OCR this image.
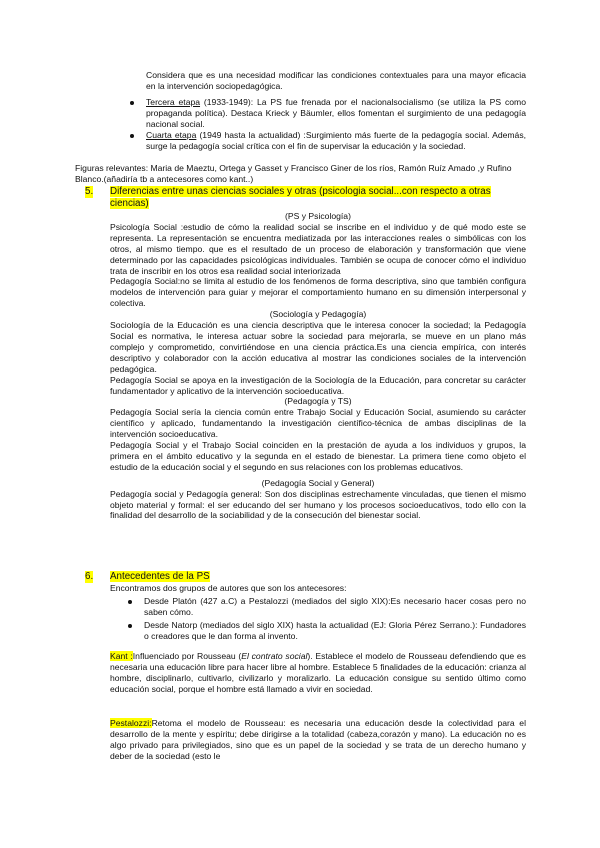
Considera que es una necesidad modificar las condiciones contextuales para una mayor eficacia en la intervención sociopedagógica.

Tercera etapa (1933-1949): La PS fue frenada por el nacionalsocialismo (se utiliza la PS como propaganda política). Destaca Krieck y Bäumler, ellos fomentan el surgimiento de una pedagogía nacional social.

Cuarta etapa (1949 hasta la actualidad) :Surgimiento más fuerte de la pedagogía social. Además, surge la pedagogía social crítica con el fin de supervisar la educación y la sociedad.

Figuras relevantes: Maria de Maeztu, Ortega y Gasset y Francisco Giner de los ríos, Ramón Ruíz Amado ,y Rufino Blanco.(añadiría tb a antecesores como kant..)

5. Diferencias entre unas ciencias sociales y otras (psicologia social...con respecto a otras ciencias)

(PS y Psicología)

Psicología Social :estudio de cómo la realidad social se inscribe en el individuo y de qué modo este se representa. La representación se encuentra mediatizada por las interacciones reales o simbólicas con los otros, al mismo tiempo. que es el resultado de un proceso de elaboración y transformación que viene determinado por las capacidades psicológicas individuales. También se ocupa de conocer cómo el individuo trata de inscribir en los otros esa realidad social interiorizada

Pedagogía Social:no se limita al estudio de los fenómenos de forma descriptiva, sino que también configura modelos de intervención para guiar y mejorar el comportamiento humano en su dimensión interpersonal y colectiva.

(Sociología y Pedagogía)

Sociología de la Educación es una ciencia descriptiva que le interesa conocer la sociedad; la Pedagogía Social es normativa, le interesa actuar sobre la sociedad para mejorarla, se mueve en un plano más complejo y comprometido, convirtiéndose en una ciencia práctica.Es una ciencia empírica, con interés descriptivo y colaborador con la acción educativa al mostrar las condiciones sociales de la intervención pedagógica.

Pedagogía Social se apoya en la investigación de la Sociología de la Educación, para concretar su carácter fundamentador y aplicativo de la intervención socioeducativa.

(Pedagogía y TS)

Pedagogía Social sería la ciencia común entre Trabajo Social y Educación Social, asumiendo su carácter científico y aplicado, fundamentando la investigación científico-técnica de ambas disciplinas de la intervención socioeducativa.

Pedagogía Social y el Trabajo Social coinciden en la prestación de ayuda a los individuos y grupos, la primera en el ámbito educativo y la segunda en el estado de bienestar. La primera tiene como objeto el estudio de la educación social y el segundo en sus relaciones con los problemas educativos.

(Pedagogía Social y General)

Pedagogía social y Pedagogía general: Son dos disciplinas estrechamente vinculadas, que tienen el mismo objeto material y formal: el ser educando del ser humano y los procesos socioeducativos, todo ello con la finalidad del desarrollo de la sociabilidad y de la consecución del bienestar social.

6. Antecedentes de la PS

Encontramos dos grupos de autores que son los antecesores:

Desde Platón (427 a.C) a Pestalozzi (mediados del siglo XIX):Es necesario hacer cosas pero no saben cómo.

Desde Natorp (mediados del siglo XIX) hasta la actualidad (EJ: Gloria Pérez Serrano.): Fundadores o creadores que le dan forma al invento.

Kant :Influenciado por Rousseau (El contrato social). Establece el modelo de Rousseau defendiendo que es necesaria una educación libre para hacer libre al hombre. Establece 5 finalidades de la educación: crianza al hombre, disciplinarlo, cultivarlo, civilizarlo y moralizarlo. La educación consigue su sentido último como educación social, porque el hombre está llamado a vivir en sociedad.

Pestalozzi:Retoma el modelo de Rousseau: es necesaria una educación desde la colectividad para el desarrollo de la mente y espíritu; debe dirigirse a la totalidad (cabeza,corazón y mano). La educación no es algo privado para privilegiados, sino que es un papel de la sociedad y se trata de un derecho humano y deber de la sociedad (esto le
